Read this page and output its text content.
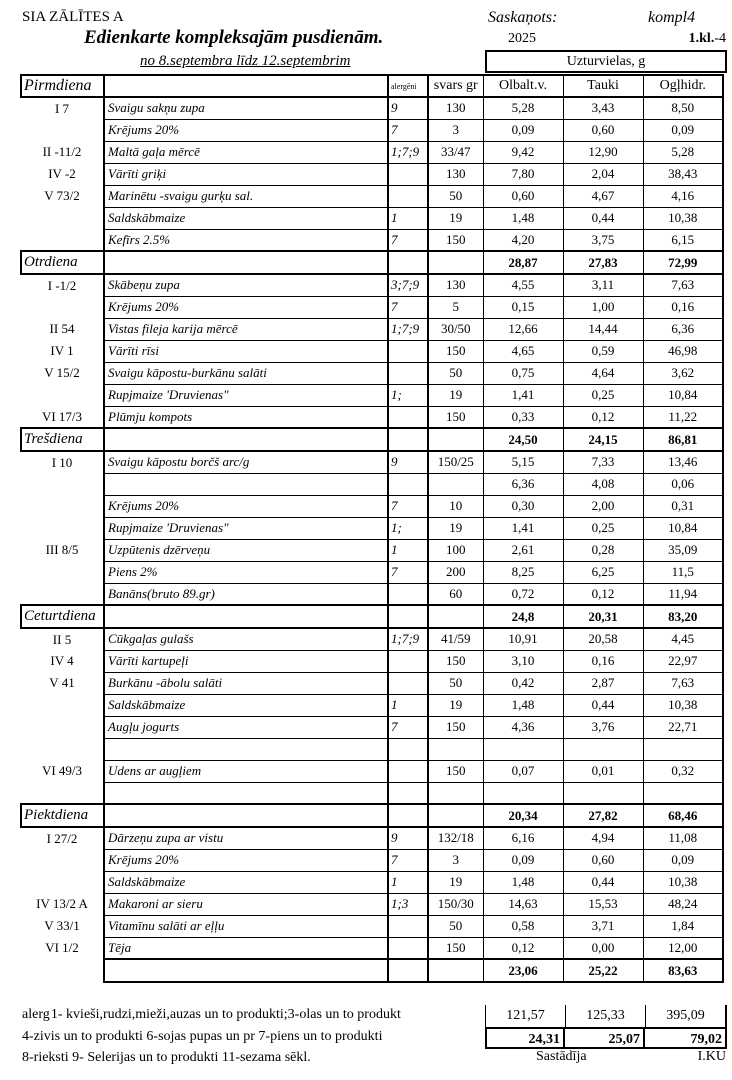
SIA ZĀLĪTES A
Edienkarte kompleksajām pusdienām.
no 8.septembra līdz 12.septembrim
Saskaņots:	kompl4
2025	1.kl.-4
Uzturvielas, g
Pirmdiena		alergēni	svars gr	Olbalt.v.	Tauki	Ogļhidr.
I 7	Svaigu sakņu zupa	9	130	5,28	3,43	8,50
	Krējums 20%	7	3	0,09	0,60	0,09
II -11/2	Maltā gaļa mērcē	1;7;9	33/47	9,42	12,90	5,28
IV -2	Vārīti griķi		130	7,80	2,04	38,43
V 73/2	Marinētu -svaigu gurķu sal.		50	0,60	4,67	4,16
	Saldskābmaize	1	19	1,48	0,44	10,38
	Kefīrs 2.5%	7	150	4,20	3,75	6,15
Otrdiena				28,87	27,83	72,99
I -1/2	Skābeņu zupa	3;7;9	130	4,55	3,11	7,63
	Krējums 20%	7	5	0,15	1,00	0,16
II 54	Vistas fileja karija mērcē	1;7;9	30/50	12,66	14,44	6,36
IV 1	Vārīti rīsi		150	4,65	0,59	46,98
V 15/2	Svaigu kāpostu-burkānu salāti		50	0,75	4,64	3,62
	Rupjmaize 'Druvienas"	1;	19	1,41	0,25	10,84
VI 17/3	Plūmju kompots		150	0,33	0,12	11,22
Trešdiena				24,50	24,15	86,81
I 10	Svaigu kāpostu borčš arc/g	9	150/25	5,15	7,33	13,46
				6,36	4,08	0,06
	Krējums 20%	7	10	0,30	2,00	0,31
	Rupjmaize 'Druvienas"	1;	19	1,41	0,25	10,84
III 8/5	Uzpūtenis dzērveņu	1	100	2,61	0,28	35,09
	Piens 2%	7	200	8,25	6,25	11,5
	Banāns(bruto 89.gr)		60	0,72	0,12	11,94
Ceturtdiena				24,8	20,31	83,20
II 5	Cūkgaļas gulašs	1;7;9	41/59	10,91	20,58	4,45
IV 4	Vārīti kartupeļi		150	3,10	0,16	22,97
V 41	Burkānu -ābolu salāti		50	0,42	2,87	7,63
	Saldskābmaize	1	19	1,48	0,44	10,38
	Augļu jogurts	7	150	4,36	3,76	22,71

VI 49/3	Udens ar augļiem		150	0,07	0,01	0,32

Piektdiena				20,34	27,82	68,46
I 27/2	Dārzeņu zupa ar vistu	9	132/18	6,16	4,94	11,08
	Krējums 20%	7	3	0,09	0,60	0,09
	Saldskābmaize	1	19	1,48	0,44	10,38
IV 13/2 A	Makaroni ar sieru	1;3	150/30	14,63	15,53	48,24
V 33/1	Vitamīnu salāti ar eļļu		50	0,58	3,71	1,84
VI 1/2	Tēja		150	0,12	0,00	12,00
				23,06	25,22	83,63
alerg 1- kvieši,rudzi,mieži,auzas un to produkti;3-olas un to produkt
4-zivis un to produkti 6-sojas pupas un pr 7-piens un to produkti
8-rieksti 9- Selerijas un to produkti 11-sezama sēkl.
121,57	125,33	395,09
24,31	25,07	79,02
Sastādīja	I.KU
